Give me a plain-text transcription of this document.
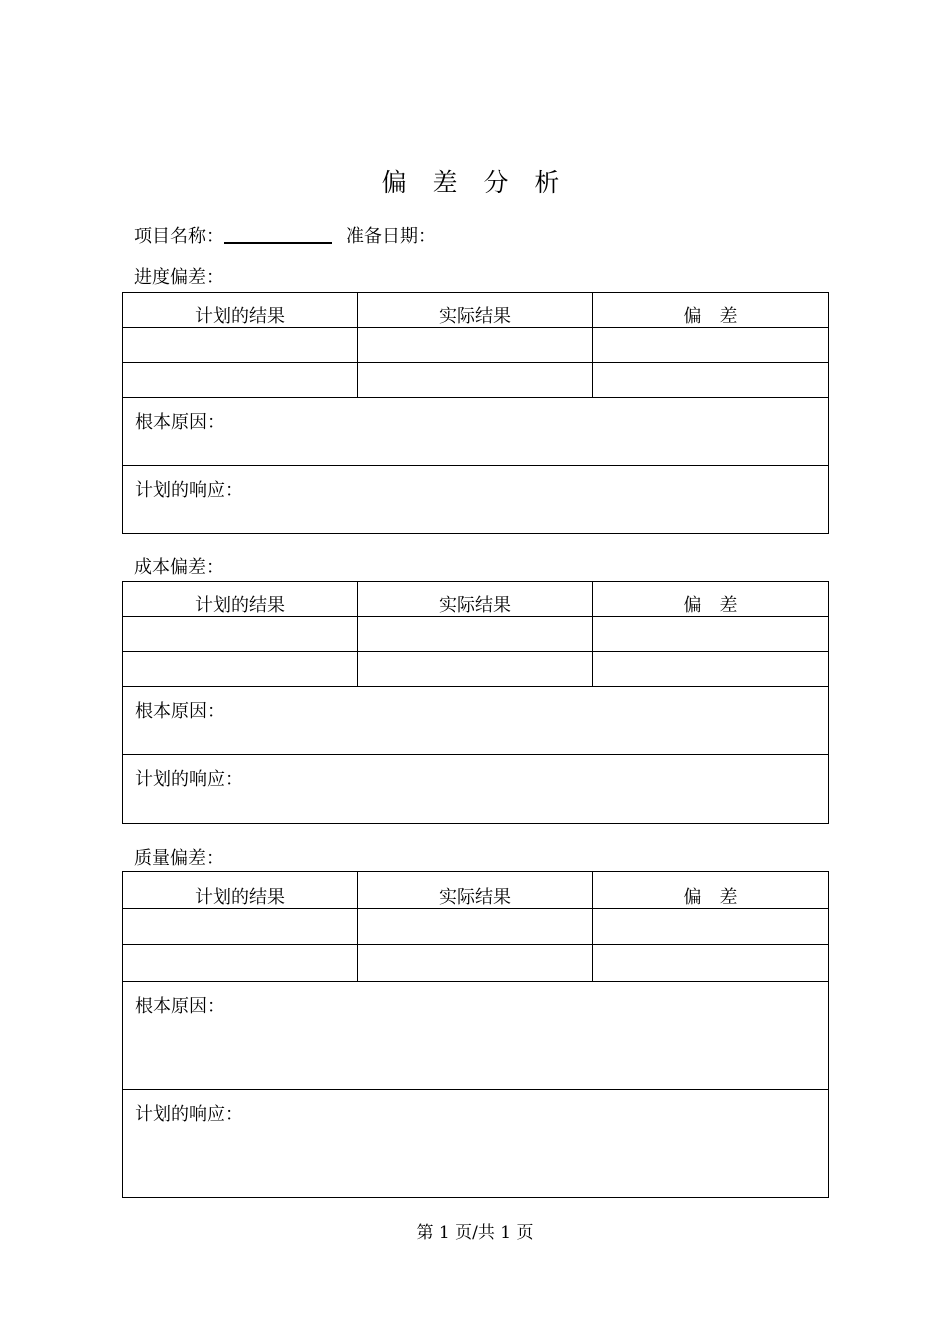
偏 差 分 析
项目名称：	准备日期：
进度偏差：
计划的结果	实际结果	偏　差

根本原因：		
计划的响应：		
成本偏差：
计划的结果	实际结果	偏　差

根本原因：		
计划的响应：		
质量偏差：
计划的结果	实际结果	偏　差

根本原因：		
计划的响应：		
第 1 页/共 1 页
